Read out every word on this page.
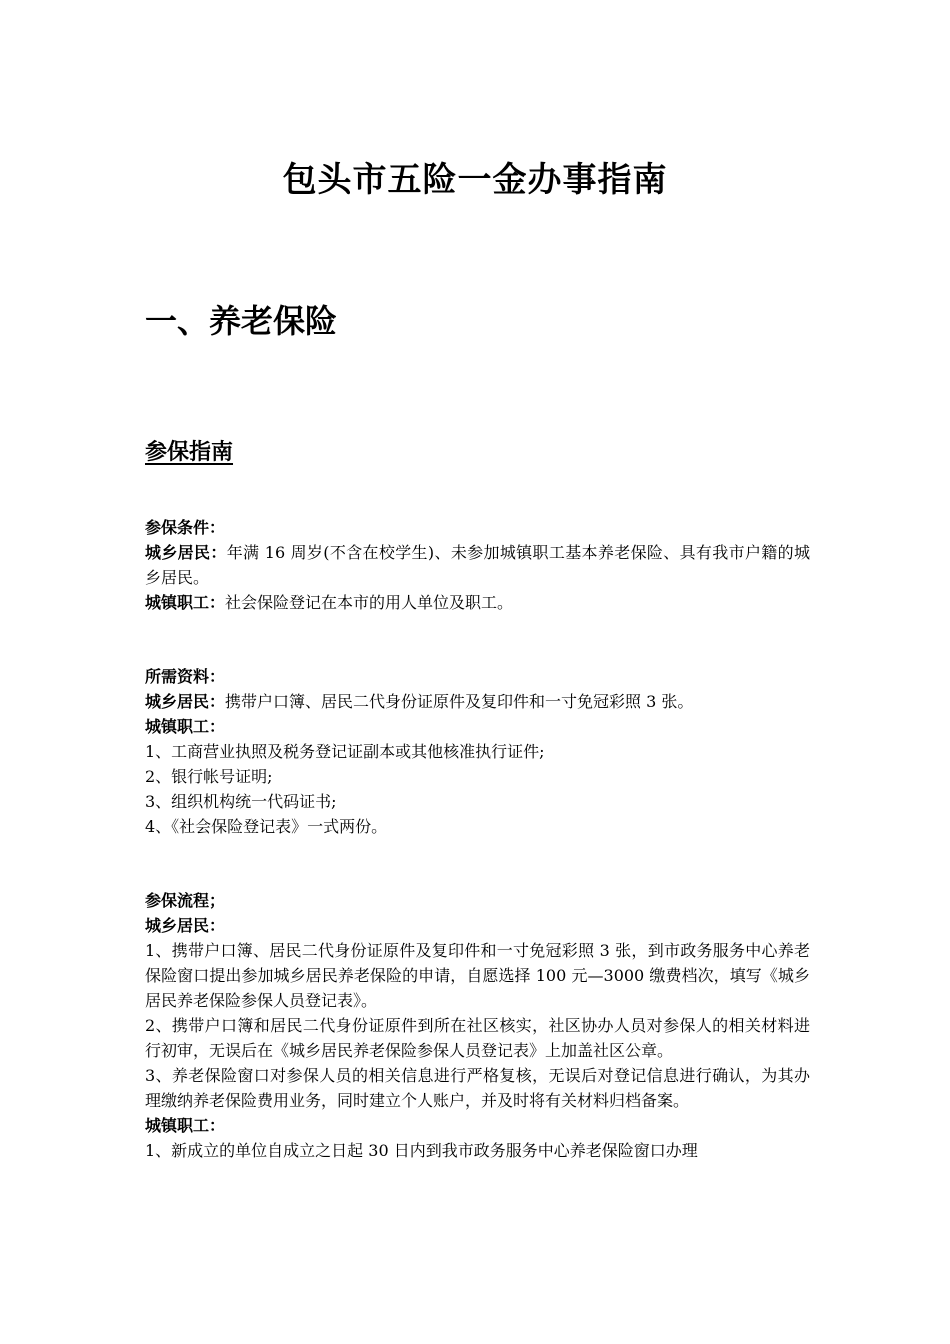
包头市五险一金办事指南
一、养老保险
参保指南

参保条件：

城乡居民：年满 16 周岁(不含在校学生)、未参加城镇职工基本养老保险、具有我市户籍的城乡居民。

城镇职工：社会保险登记在本市的用人单位及职工。

所需资料：

城乡居民：携带户口簿、居民二代身份证原件及复印件和一寸免冠彩照 3 张。

城镇职工：

1、工商营业执照及税务登记证副本或其他核准执行证件;

2、银行帐号证明;

3、组织机构统一代码证书;

4、《社会保险登记表》一式两份。

参保流程；

城乡居民：

1、携带户口簿、居民二代身份证原件及复印件和一寸免冠彩照 3 张，到市政务服务中心养老保险窗口提出参加城乡居民养老保险的申请，自愿选择 100 元—3000 缴费档次，填写《城乡居民养老保险参保人员登记表》。

2、携带户口簿和居民二代身份证原件到所在社区核实，社区协办人员对参保人的相关材料进行初审，无误后在《城乡居民养老保险参保人员登记表》上加盖社区公章。

3、养老保险窗口对参保人员的相关信息进行严格复核，无误后对登记信息进行确认，为其办理缴纳养老保险费用业务，同时建立个人账户，并及时将有关材料归档备案。

城镇职工：

1、新成立的单位自成立之日起 30 日内到我市政务服务中心养老保险窗口办理
